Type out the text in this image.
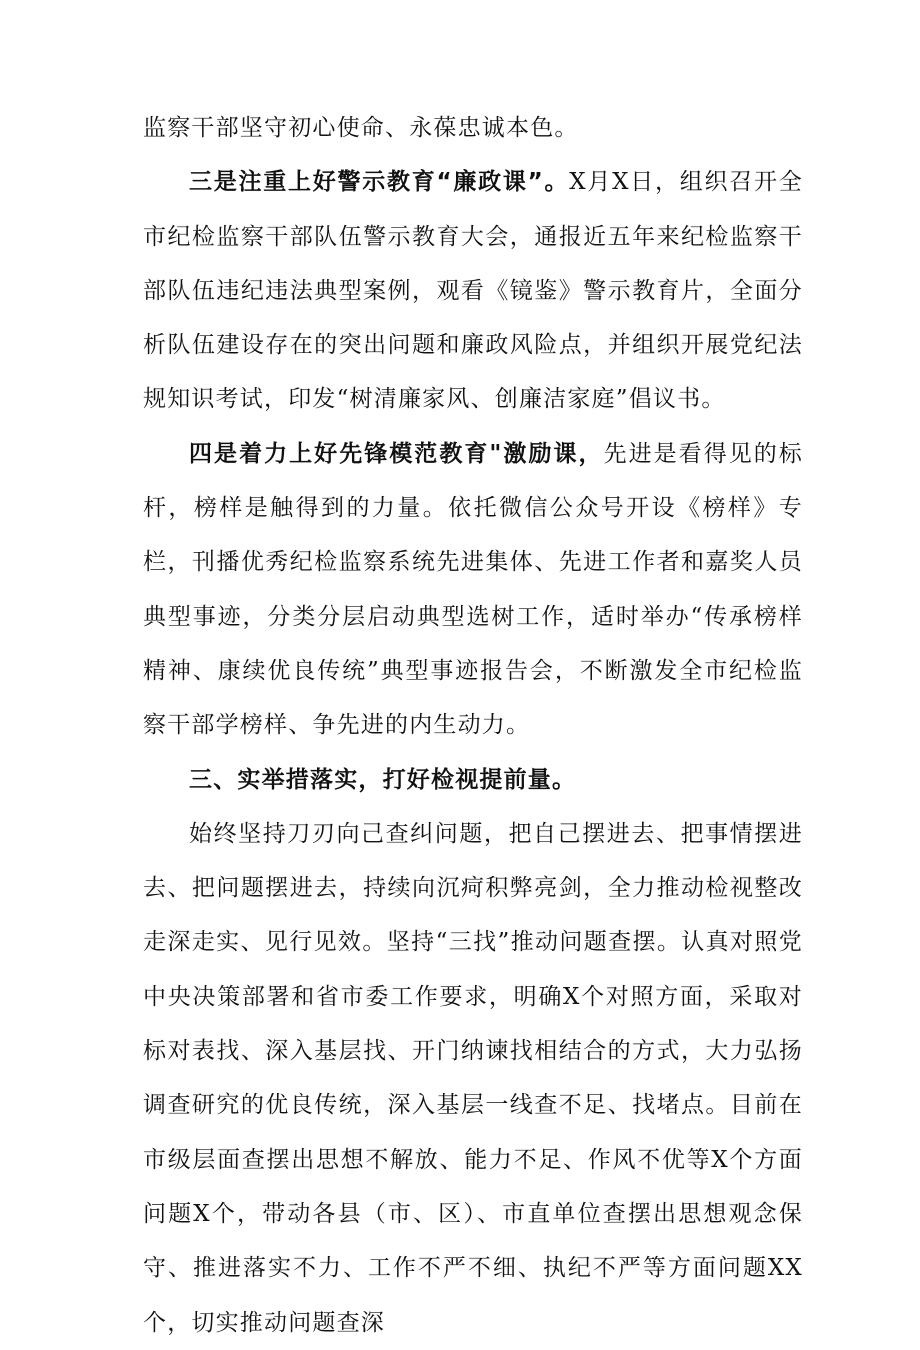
监察干部坚守初心使命、永葆忠诚本色。

三是注重上好警示教育“廉政课”。X月X日，组织召开全市纪检监察干部队伍警示教育大会，通报近五年来纪检监察干部队伍违纪违法典型案例，观看《镜鉴》警示教育片，全面分析队伍建设存在的突出问题和廉政风险点，并组织开展党纪法规知识考试，印发“树清廉家风、创廉洁家庭”倡议书。

四是着力上好先锋模范教育"激励课，先进是看得见的标杆，榜样是触得到的力量。依托微信公众号开设《榜样》专栏，刊播优秀纪检监察系统先进集体、先进工作者和嘉奖人员典型事迹，分类分层启动典型选树工作，适时举办“传承榜样精神、康续优良传统”典型事迹报告会，不断激发全市纪检监察干部学榜样、争先进的内生动力。

三、实举措落实，打好检视提前量。

始终坚持刀刃向己查纠问题，把自己摆进去、把事情摆进去、把问题摆进去，持续向沉疴积弊亮剑，全力推动检视整改走深走实、见行见效。坚持“三找”推动问题查摆。认真对照党中央决策部署和省市委工作要求，明确X个对照方面，采取对标对表找、深入基层找、开门纳谏找相结合的方式，大力弘扬调查研究的优良传统，深入基层一线查不足、找堵点。目前在市级层面查摆出思想不解放、能力不足、作风不优等X个方面问题X个，带动各县（市、区）、市直单位查摆出思想观念保守、推进落实不力、工作不严不细、执纪不严等方面问题XX个，切实推动问题查深
